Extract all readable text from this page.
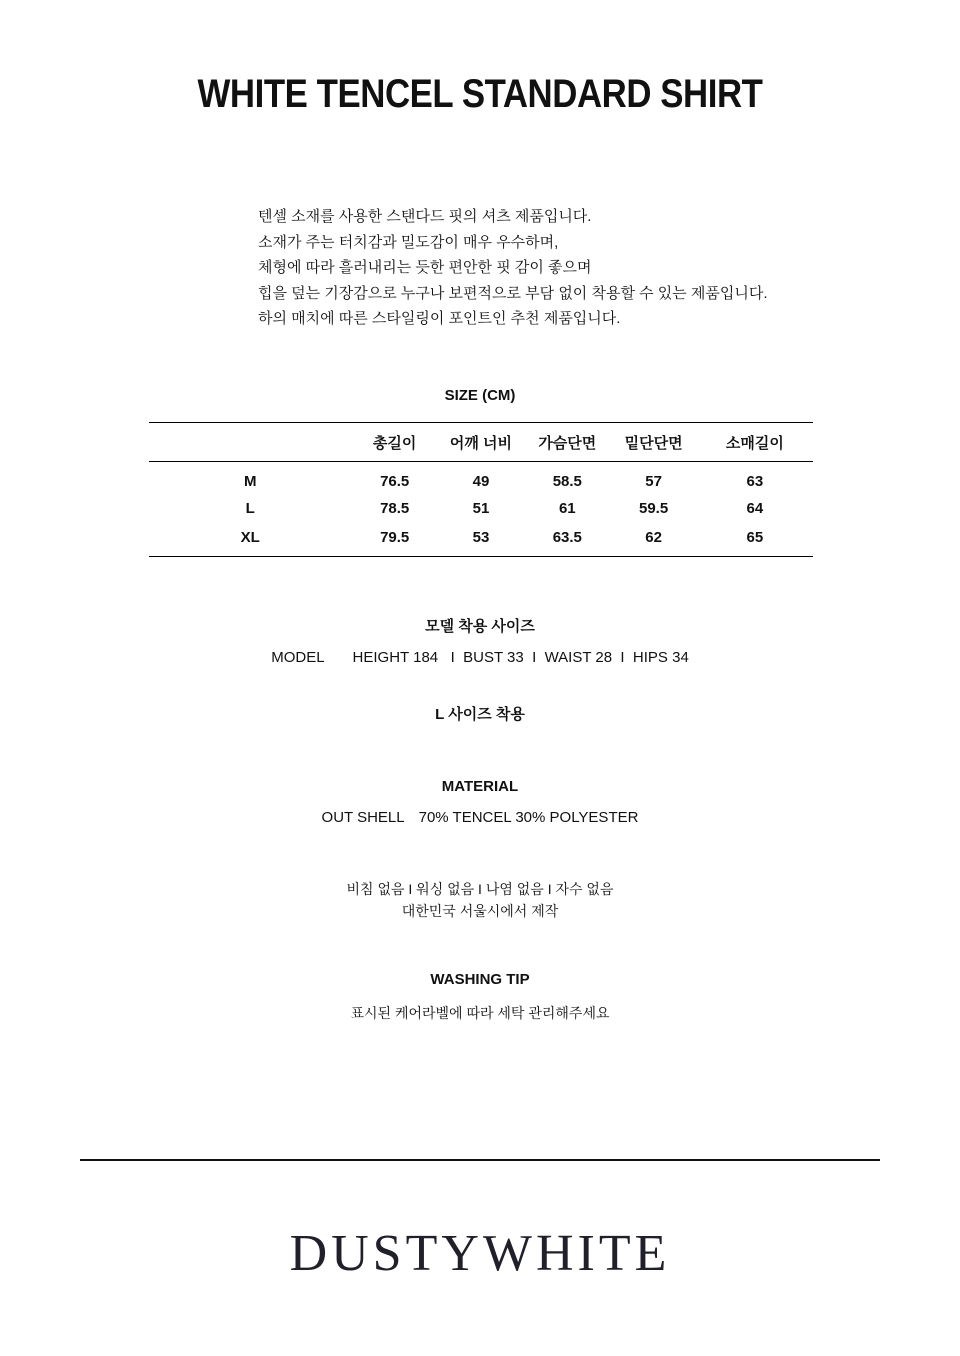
WHITE TENCEL STANDARD SHIRT
텐셀 소재를 사용한 스탠다드 핏의 셔츠 제품입니다.
소재가 주는 터치감과 밀도감이 매우 우수하며,
체형에 따라 흘러내리는 듯한 편안한 핏 감이 좋으며
힙을 덮는 기장감으로 누구나 보편적으로 부담 없이 착용할 수 있는 제품입니다.
하의 매치에 따른 스타일링이 포인트인 추천 제품입니다.
SIZE (CM)
	총길이	어깨 너비	가슴단면	밑단단면	소매길이
M	76.5	49	58.5	57	63
L	78.5	51	61	59.5	64
XL	79.5	53	63.5	62	65
모델 착용 사이즈
MODEL HEIGHT 184   I  BUST 33  I  WAIST 28  I  HIPS 34
L 사이즈 착용
MATERIAL
OUT SHELL 70% TENCEL 30% POLYESTER
비침 없음 I 워싱 없음 I 나염 없음 I 자수 없음
대한민국 서울시에서 제작
WASHING TIP
표시된 케어라벨에 따라 세탁 관리해주세요
DUSTYWHITE
